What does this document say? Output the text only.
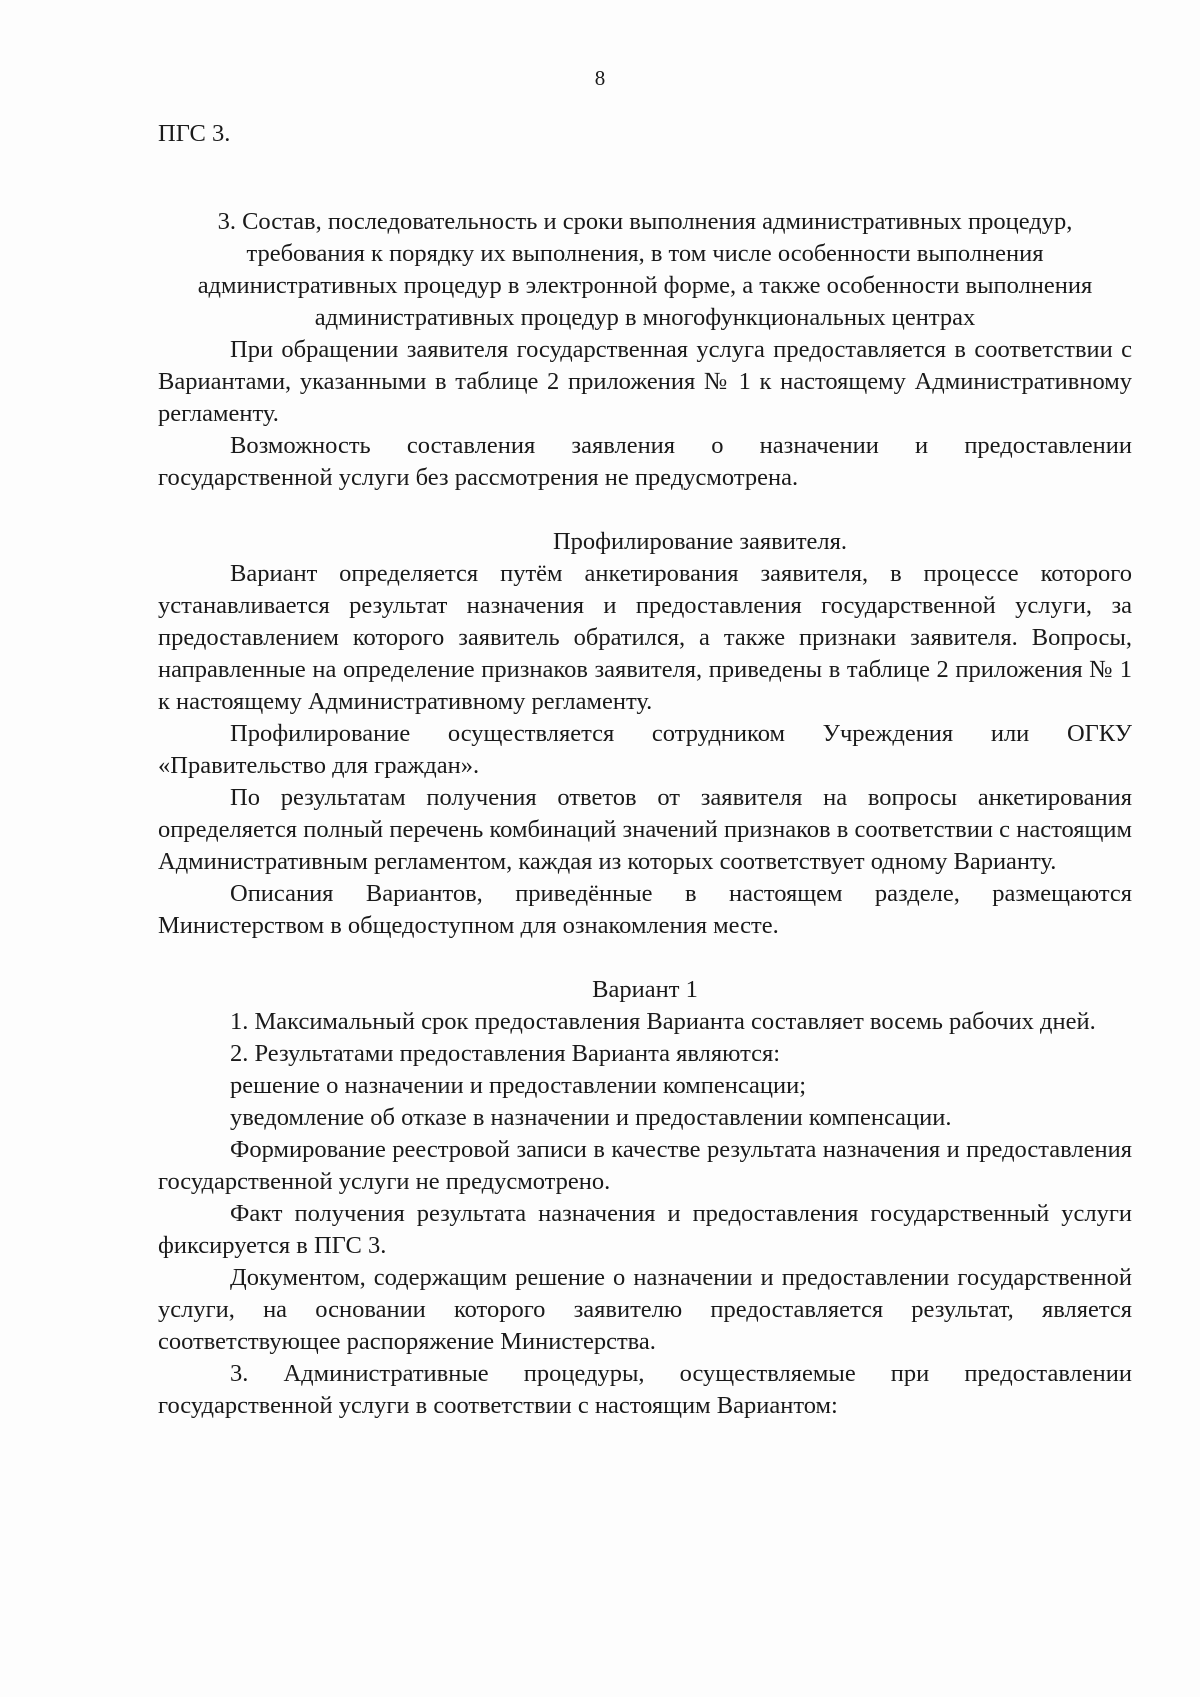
8

ПГС 3.

3. Состав, последовательность и сроки выполнения административных процедур, требования к порядку их выполнения, в том числе особенности выполнения административных процедур в электронной форме, а также особенности выполнения административных процедур в многофункциональных центрах

При обращении заявителя государственная услуга предоставляется в соответствии с Вариантами, указанными в таблице 2 приложения № 1 к настоящему Административному регламенту.

Возможность составления заявления о назначении и предоставлении государственной услуги без рассмотрения не предусмотрена.

Профилирование заявителя.

Вариант определяется путём анкетирования заявителя, в процессе которого устанавливается результат назначения и предоставления государственной услуги, за предоставлением которого заявитель обратился, а также признаки заявителя. Вопросы, направленные на определение признаков заявителя, приведены в таблице 2 приложения № 1 к настоящему Административному регламенту.

Профилирование осуществляется сотрудником Учреждения или ОГКУ «Правительство для граждан».

По результатам получения ответов от заявителя на вопросы анкетирования определяется полный перечень комбинаций значений признаков в соответствии с настоящим Административным регламентом, каждая из которых соответствует одному Варианту.

Описания Вариантов, приведённые в настоящем разделе, размещаются Министерством в общедоступном для ознакомления месте.

Вариант 1

1. Максимальный срок предоставления Варианта составляет восемь рабочих дней.

2. Результатами предоставления Варианта являются:

решение о назначении и предоставлении компенсации;

уведомление об отказе в назначении и предоставлении компенсации.

Формирование реестровой записи в качестве результата назначения и предоставления государственной услуги не предусмотрено.

Факт получения результата назначения и предоставления государственный услуги фиксируется в ПГС 3.

Документом, содержащим решение о назначении и предоставлении государственной услуги, на основании которого заявителю предоставляется результат, является соответствующее распоряжение Министерства.

3. Административные процедуры, осуществляемые при предоставлении государственной услуги в соответствии с настоящим Вариантом:
